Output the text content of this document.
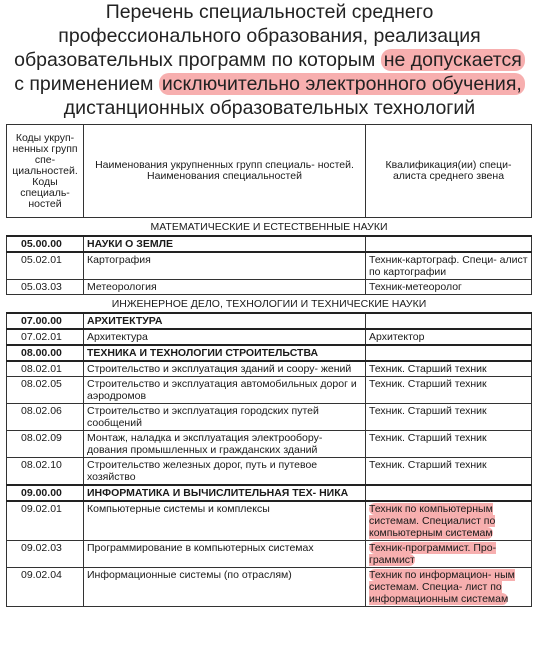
Перечень специальностей среднего
профессионального образования, реализация
образовательных программ по которым не допускается
с применением исключительно электронного обучения,
дистанционных образовательных технологий
Коды укруп- ненных групп спе- циальностей. Коды специаль- ностей	Наименования укрупненных групп специаль- ностей. Наименования специальностей	Квалификация(ии) специ- алиста среднего звена
МАТЕМАТИЧЕСКИЕ И ЕСТЕСТВЕННЫЕ НАУКИ		
05.00.00	НАУКИ О ЗЕМЛЕ	
05.02.01	Картография	Техник-картограф. Специ- алист по картографии
05.03.03	Метеорология	Техник-метеоролог
ИНЖЕНЕРНОЕ ДЕЛО, ТЕХНОЛОГИИ И ТЕХНИЧЕСКИЕ НАУКИ		
07.00.00	АРХИТЕКТУРА	
07.02.01	Архитектура	Архитектор
08.00.00	ТЕХНИКА И ТЕХНОЛОГИИ СТРОИТЕЛЬСТВА	
08.02.01	Строительство и эксплуатация зданий и соору- жений	Техник. Старший техник
08.02.05	Строительство и эксплуатация автомобильных дорог и аэродромов	Техник. Старший техник
08.02.06	Строительство и эксплуатация городских путей сообщений	Техник. Старший техник
08.02.09	Монтаж, наладка и эксплуатация электрообору- дования промышленных и гражданских зданий	Техник. Старший техник
08.02.10	Строительство железных дорог, путь и путевое хозяйство	Техник. Старший техник
09.00.00	ИНФОРМАТИКА И ВЫЧИСЛИТЕЛЬНАЯ ТЕХ- НИКА	
09.02.01	Компьютерные системы и комплексы	Техник по компьютерным системам. Специалист по компьютерным системам
09.02.03	Программирование в компьютерных системах	Техник-программист. Про- граммист
09.02.04	Информационные системы (по отраслям)	Техник по информацион- ным системам. Специа- лист по информационным системам
